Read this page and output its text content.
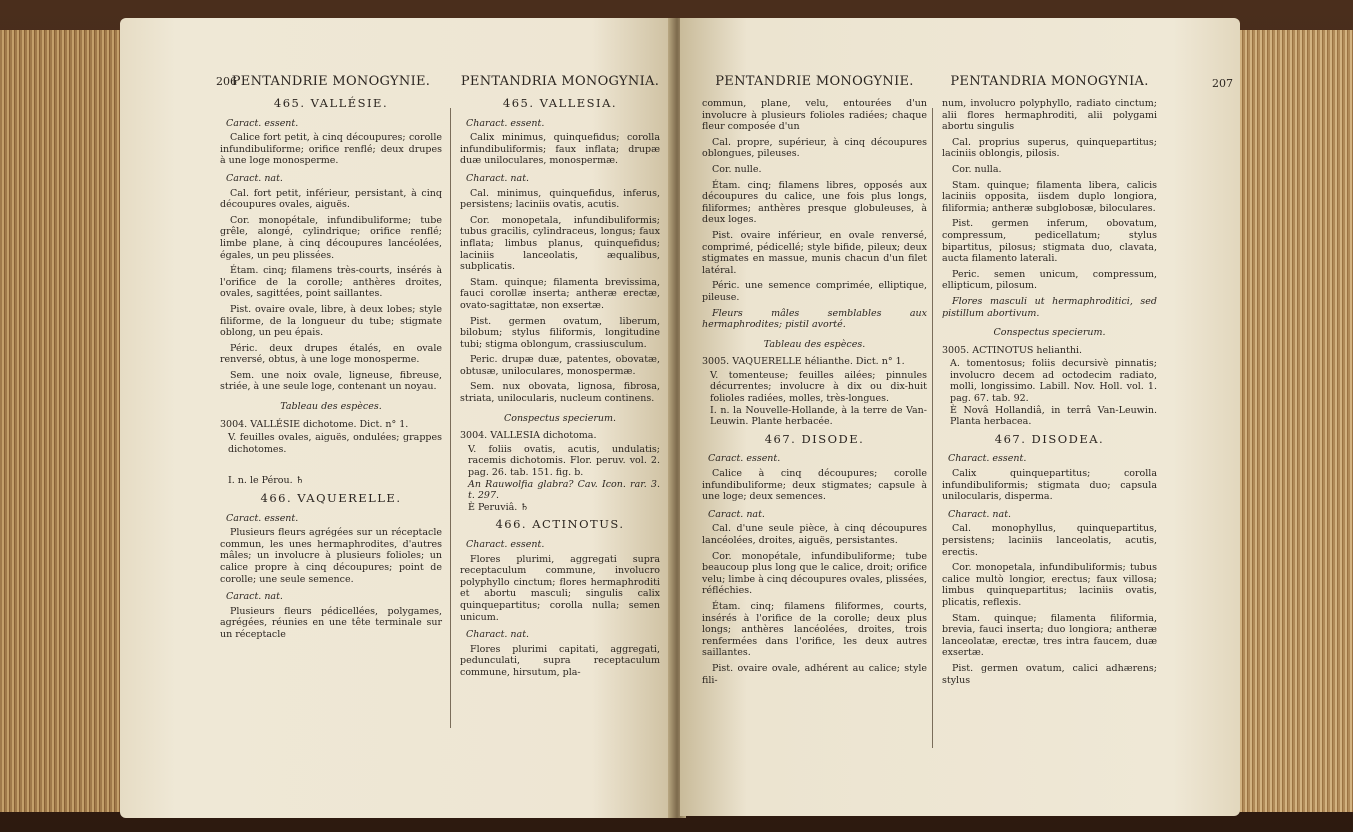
206
PENTANDRIE MONOGYNIE.
465. VALLÉSIE.
Caract. essent.
Calice fort petit, à cinq découpures; corolle infundibuliforme; orifice renflé; deux drupes à une loge monosperme.
Caract. nat.
Cal. fort petit, inférieur, persistant, à cinq découpures ovales, aiguës.
Cor. monopétale, infundibuliforme; tube grêle, alongé, cylindrique; orifice renflé; limbe plane, à cinq découpures lancéolées, égales, un peu plissées.
Étam. cinq; filamens très-courts, insérés à l'orifice de la corolle; anthères droites, ovales, sagittées, point saillantes.
Pist. ovaire ovale, libre, à deux lobes; style filiforme, de la longueur du tube; stigmate oblong, un peu épais.
Péric. deux drupes étalés, en ovale renversé, obtus, à une loge monosperme.
Sem. une noix ovale, ligneuse, fibreuse, striée, à une seule loge, contenant un noyau.
Tableau des espèces.
3004. VALLÉSIE dichotome. Dict. n° 1.
V. feuilles ovales, aiguës, ondulées; grappes dichotomes.
I. n. le Pérou. ♄
466. VAQUERELLE.
Caract. essent.
Plusieurs fleurs agrégées sur un réceptacle commun, les unes hermaphrodites, d'autres mâles; un involucre à plusieurs folioles; un calice propre à cinq découpures; point de corolle; une seule semence.
Caract. nat.
Plusieurs fleurs pédicellées, polygames, agrégées, réunies en une tête terminale sur un réceptacle
PENTANDRIA MONOGYNIA.
465. VALLESIA.
Charact. essent.
Calix minimus, quinquefidus; corolla infundibuliformis; faux inflata; drupæ duæ uniloculares, monospermæ.
Charact. nat.
Cal. minimus, quinquefidus, inferus, persistens; laciniis ovatis, acutis.
Cor. monopetala, infundibuliformis; tubus gracilis, cylindraceus, longus; faux inflata; limbus planus, quinquefidus; laciniis lanceolatis, æqualibus, subplicatis.
Stam. quinque; filamenta brevissima, fauci corollæ inserta; antheræ erectæ, ovato-sagittatæ, non exsertæ.
Pist. germen ovatum, liberum, bilobum; stylus filiformis, longitudine tubi; stigma oblongum, crassiusculum.
Peric. drupæ duæ, patentes, obovatæ, obtusæ, uniloculares, monospermæ.
Sem. nux obovata, lignosa, fibrosa, striata, unilocularis, nucleum continens.
Conspectus specierum.
3004. VALLESIA dichotoma.
V. foliis ovatis, acutis, undulatis; racemis dichotomis. Flor. peruv. vol. 2. pag. 26. tab. 151. fig. b.
An Rauwolfia glabra? Cav. Icon. rar. 3. t. 297.
È Peruviâ. ♄
466. ACTINOTUS.
Charact. essent.
Flores plurimi, aggregati supra receptaculum commune, involucro polyphyllo cinctum; flores hermaphroditi et abortu masculi; singulis calix quinquepartitus; corolla nulla; semen unicum.
Charact. nat.
Flores plurimi capitati, aggregati, pedunculati, supra receptaculum commune, hirsutum, pla-
207
PENTANDRIE MONOGYNIE.
commun, plane, velu, entourées d'un involucre à plusieurs folioles radiées; chaque fleur composée d'un
Cal. propre, supérieur, à cinq découpures oblongues, pileuses.
Cor. nulle.
Étam. cinq; filamens libres, opposés aux découpures du calice, une fois plus longs, filiformes; anthères presque globuleuses, à deux loges.
Pist. ovaire inférieur, en ovale renversé, comprimé, pédicellé; style bifide, pileux; deux stigmates en massue, munis chacun d'un filet latéral.
Péric. une semence comprimée, elliptique, pileuse.
Fleurs mâles semblables aux hermaphrodites; pistil avorté.
Tableau des espèces.
3005. VAQUERELLE hélianthe. Dict. n° 1.
V. tomenteuse; feuilles ailées; pinnules décurrentes; involucre à dix ou dix-huit folioles radiées, molles, très-longues.
I. n. la Nouvelle-Hollande, à la terre de Van-Leuwin. Plante herbacée.
467. DISODE.
Caract. essent.
Calice à cinq découpures; corolle infundibuliforme; deux stigmates; capsule à une loge; deux semences.
Caract. nat.
Cal. d'une seule pièce, à cinq découpures lancéolées, droites, aiguës, persistantes.
Cor. monopétale, infundibuliforme; tube beaucoup plus long que le calice, droit; orifice velu; limbe à cinq découpures ovales, plissées, réfléchies.
Étam. cinq; filamens filiformes, courts, insérés à l'orifice de la corolle; deux plus longs; anthères lancéolées, droites, trois renfermées dans l'orifice, les deux autres saillantes.
Pist. ovaire ovale, adhérent au calice; style fili-
PENTANDRIA MONOGYNIA.
num, involucro polyphyllo, radiato cinctum; alii flores hermaphroditi, alii polygami abortu singulis
Cal. proprius superus, quinquepartitus; laciniis oblongis, pilosis.
Cor. nulla.
Stam. quinque; filamenta libera, calicis laciniis opposita, iisdem duplo longiora, filiformia; antheræ subglobosæ, biloculares.
Pist. germen inferum, obovatum, compressum, pedicellatum; stylus bipartitus, pilosus; stigmata duo, clavata, aucta filamento laterali.
Peric. semen unicum, compressum, ellipticum, pilosum.
Flores masculi ut hermaphroditici, sed pistillum abortivum.
Conspectus specierum.
3005. ACTINOTUS helianthi.
A. tomentosus; foliis decursivè pinnatis; involucro decem ad octodecim radiato, molli, longissimo. Labill. Nov. Holl. vol. 1. pag. 67. tab. 92.
È Novâ Hollandiâ, in terrâ Van-Leuwin. Planta herbacea.
467. DISODEA.
Charact. essent.
Calix quinquepartitus; corolla infundibuliformis; stigmata duo; capsula unilocularis, disperma.
Charact. nat.
Cal. monophyllus, quinquepartitus, persistens; laciniis lanceolatis, acutis, erectis.
Cor. monopetala, infundibuliformis; tubus calice multò longior, erectus; faux villosa; limbus quinquepartitus; laciniis ovatis, plicatis, reflexis.
Stam. quinque; filamenta filiformia, brevia, fauci inserta; duo longiora; antheræ lanceolatæ, erectæ, tres intra faucem, duæ exsertæ.
Pist. germen ovatum, calici adhærens; stylus
